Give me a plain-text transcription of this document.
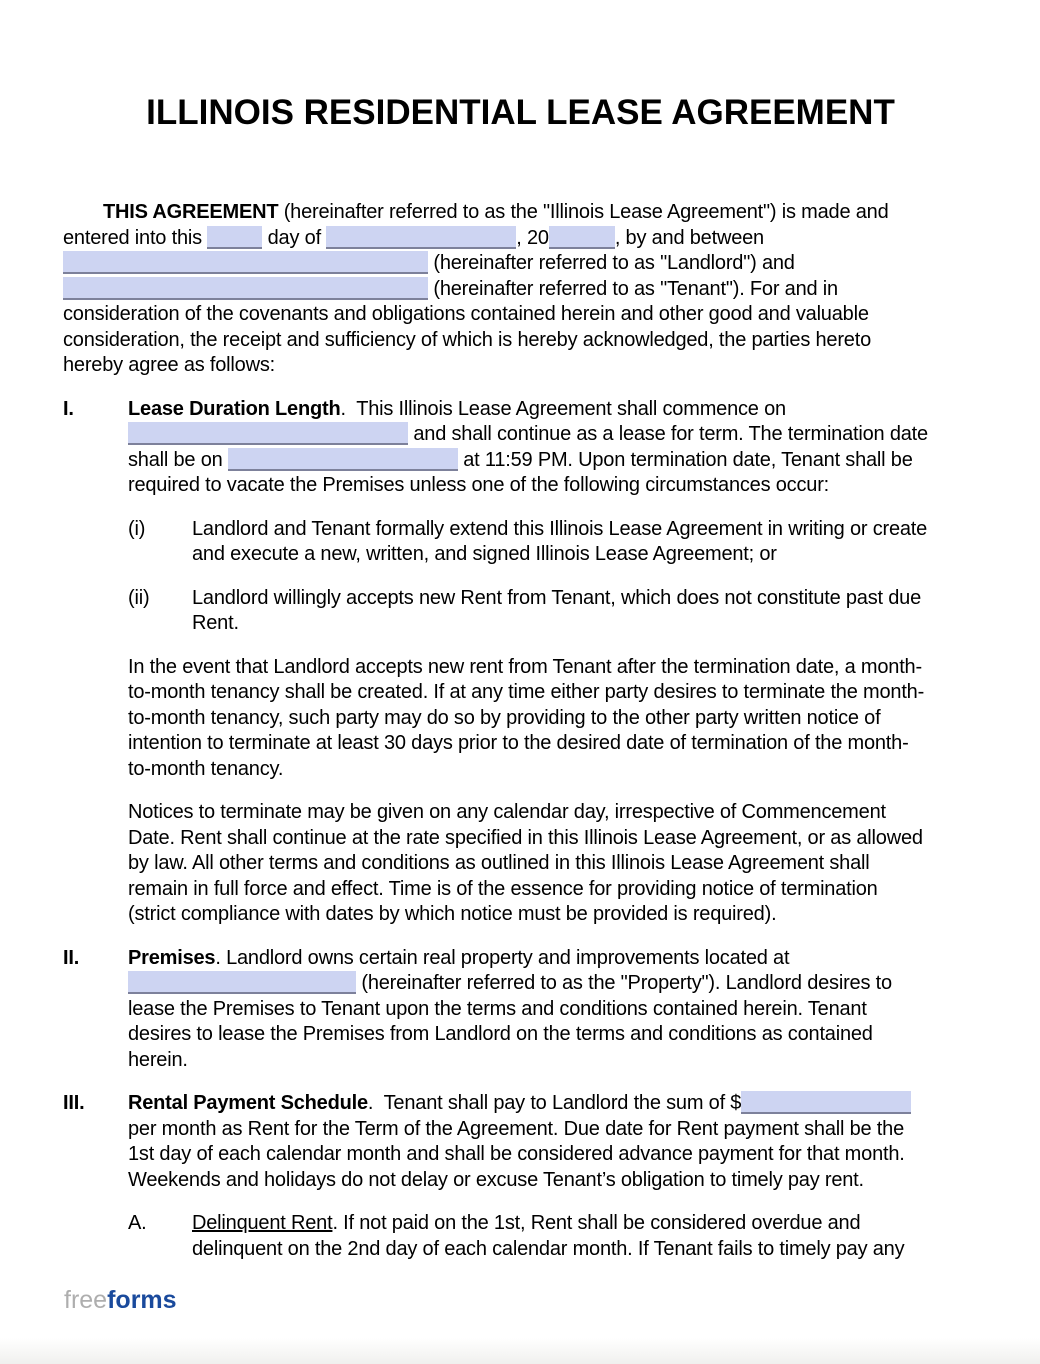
ILLINOIS RESIDENTIAL LEASE AGREEMENT
THIS AGREEMENT (hereinafter referred to as the "Illinois Lease Agreement") is made and
entered into this	day of	, 20	, by and between
(hereinafter referred to as "Landlord") and
(hereinafter referred to as "Tenant"). For and in
consideration of the covenants and obligations contained herein and other good and valuable
consideration, the receipt and sufficiency of which is hereby acknowledged, the parties hereto
hereby agree as follows:
I.	Lease Duration Length.  This Illinois Lease Agreement shall commence on
and shall continue as a lease for term. The termination date
shall be on	at 11:59 PM. Upon termination date, Tenant shall be
required to vacate the Premises unless one of the following circumstances occur:
(i)	Landlord and Tenant formally extend this Illinois Lease Agreement in writing or create
and execute a new, written, and signed Illinois Lease Agreement; or
(ii)	Landlord willingly accepts new Rent from Tenant, which does not constitute past due
Rent.
In the event that Landlord accepts new rent from Tenant after the termination date, a month-
to-month tenancy shall be created. If at any time either party desires to terminate the month-
to-month tenancy, such party may do so by providing to the other party written notice of
intention to terminate at least 30 days prior to the desired date of termination of the month-
to-month tenancy.
Notices to terminate may be given on any calendar day, irrespective of Commencement
Date. Rent shall continue at the rate specified in this Illinois Lease Agreement, or as allowed
by law. All other terms and conditions as outlined in this Illinois Lease Agreement shall
remain in full force and effect. Time is of the essence for providing notice of termination
(strict compliance with dates by which notice must be provided is required).
II.	Premises. Landlord owns certain real property and improvements located at
(hereinafter referred to as the "Property"). Landlord desires to
lease the Premises to Tenant upon the terms and conditions contained herein. Tenant
desires to lease the Premises from Landlord on the terms and conditions as contained
herein.
III.	Rental Payment Schedule.  Tenant shall pay to Landlord the sum of $
per month as Rent for the Term of the Agreement. Due date for Rent payment shall be the
1st day of each calendar month and shall be considered advance payment for that month.
Weekends and holidays do not delay or excuse Tenant’s obligation to timely pay rent.
A.	Delinquent Rent. If not paid on the 1st, Rent shall be considered overdue and
delinquent on the 2nd day of each calendar month. If Tenant fails to timely pay any
freeforms
